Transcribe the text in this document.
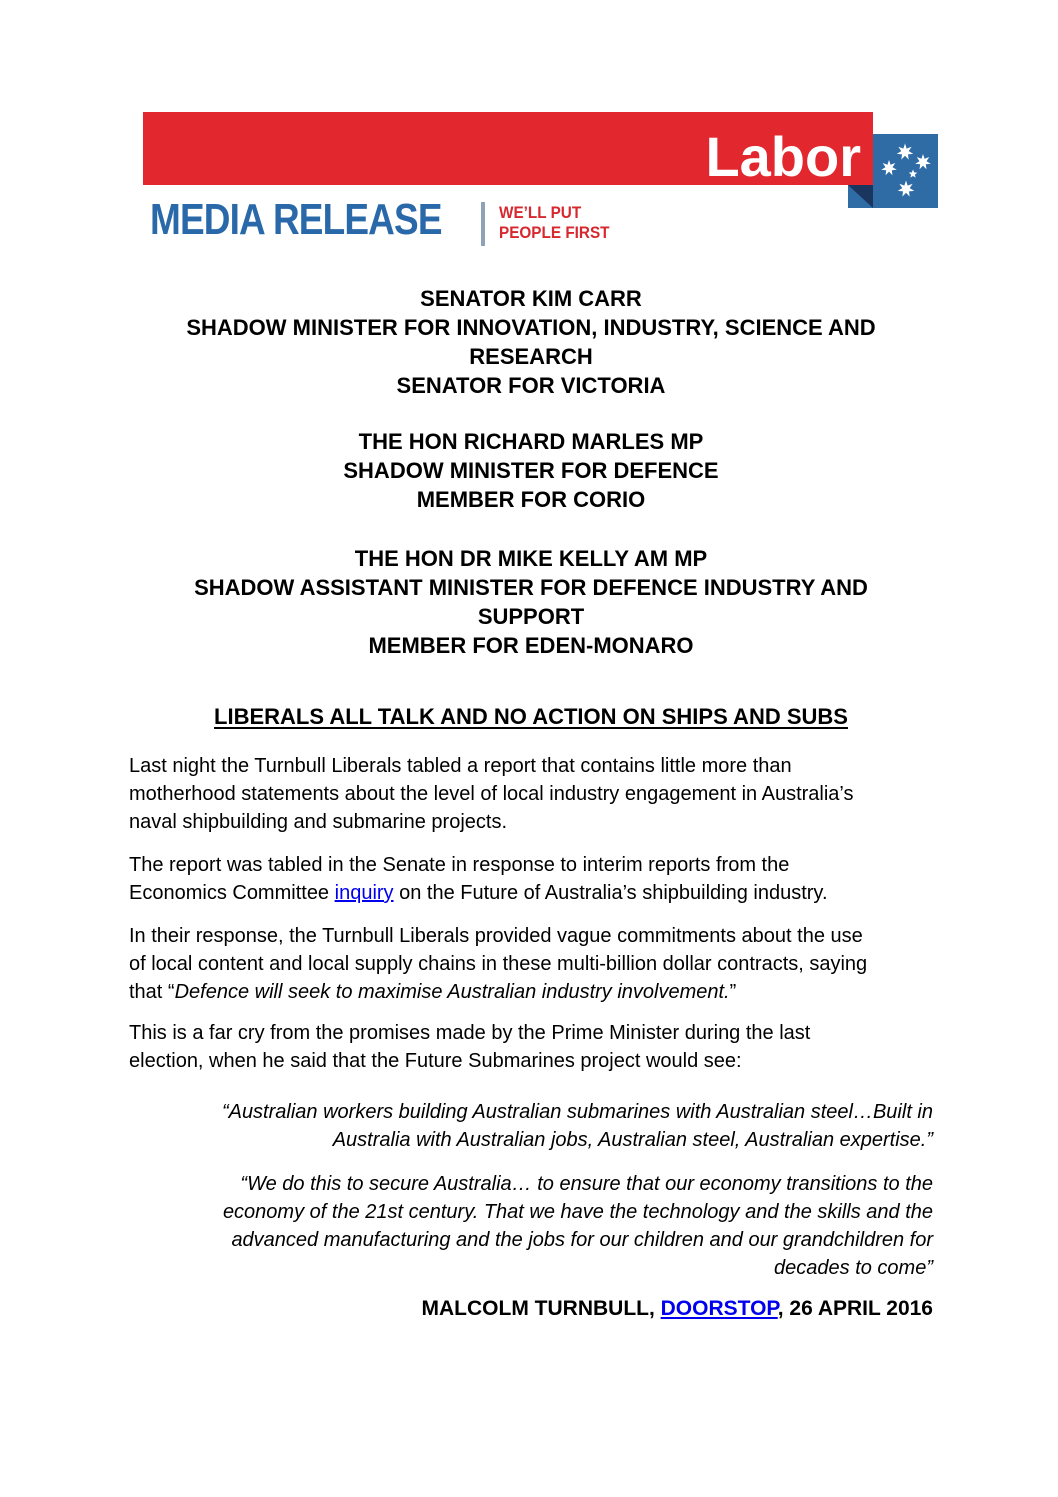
Labor
MEDIA RELEASE	WE’LL PUT
PEOPLE FIRST
SENATOR KIM CARR
SHADOW MINISTER FOR INNOVATION, INDUSTRY, SCIENCE AND
RESEARCH
SENATOR FOR VICTORIA
THE HON RICHARD MARLES MP
SHADOW MINISTER FOR DEFENCE
MEMBER FOR CORIO
THE HON DR MIKE KELLY AM MP
SHADOW ASSISTANT MINISTER FOR DEFENCE INDUSTRY AND
SUPPORT
MEMBER FOR EDEN-MONARO
LIBERALS ALL TALK AND NO ACTION ON SHIPS AND SUBS
Last night the Turnbull Liberals tabled a report that contains little more than
motherhood statements about the level of local industry engagement in Australia’s
naval shipbuilding and submarine projects.
The report was tabled in the Senate in response to interim reports from the
Economics Committee inquiry on the Future of Australia’s shipbuilding industry.
In their response, the Turnbull Liberals provided vague commitments about the use
of local content and local supply chains in these multi-billion dollar contracts, saying
that “Defence will seek to maximise Australian industry involvement.”
This is a far cry from the promises made by the Prime Minister during the last
election, when he said that the Future Submarines project would see:
“Australian workers building Australian submarines with Australian steel…Built in
Australia with Australian jobs, Australian steel, Australian expertise.”
“We do this to secure Australia… to ensure that our economy transitions to the
economy of the 21st century. That we have the technology and the skills and the
advanced manufacturing and the jobs for our children and our grandchildren for
decades to come”
MALCOLM TURNBULL, DOORSTOP, 26 APRIL 2016
